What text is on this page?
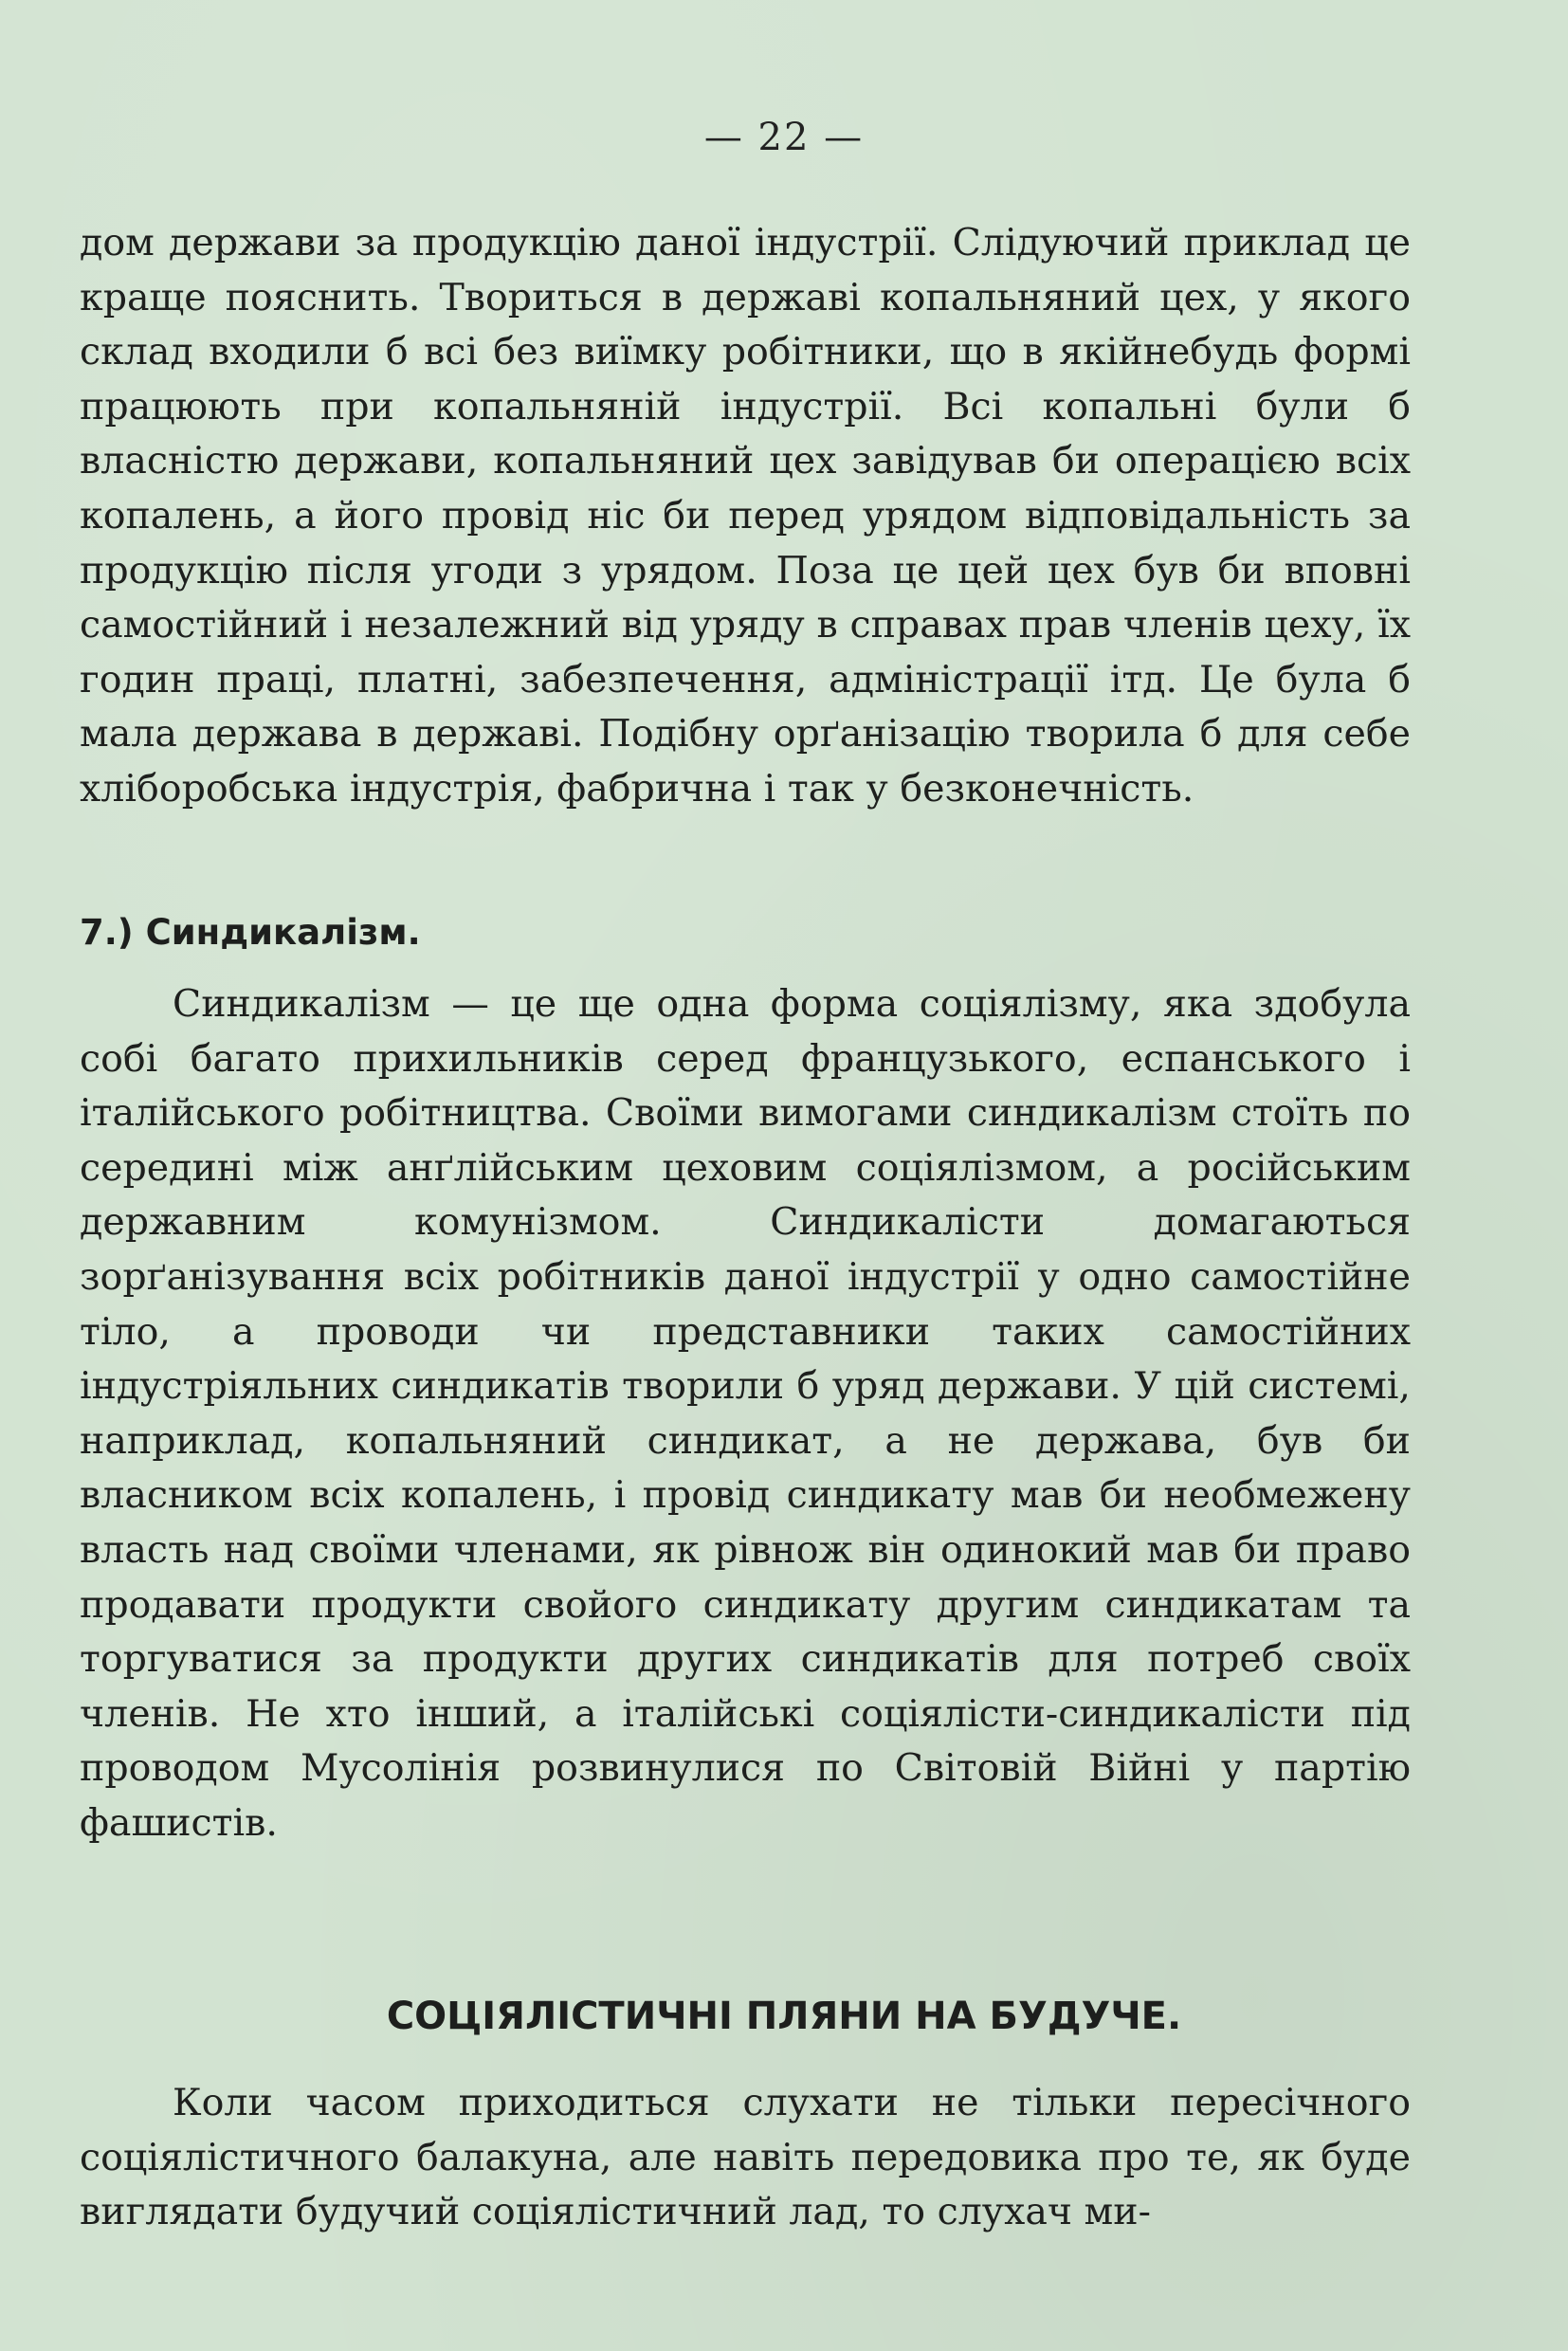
— 22 —

дом держави за продукцію даної індустрії. Слідуючий приклад це краще пояснить. Твориться в державі копальняний цех, у якого склад входили б всі без виїмку робітники, що в якійнебудь формі працюють при копальняній індустрії. Всі копальні були б власністю держави, копальняний цех завідував би операцією всіх копалень, а його провід ніс би перед урядом відповідальність за продукцію після угоди з урядом. Поза це цей цех був би вповні самостійний і незалежний від уряду в справах прав членів цеху, їх годин праці, платні, забезпечення, адміністрації ітд. Це була б мала держава в державі. Подібну орґанізацію творила б для себе хліборобська індустрія, фабрична і так у безконечність.

7.) Синдикалізм.

Синдикалізм — це ще одна форма соціялізму, яка здобула собі багато прихильників серед французького, еспанського і італійського робітництва. Своїми вимогами синдикалізм стоїть по середині між анґлійським цеховим соціялізмом, а російським державним комунізмом. Синдикалісти домагаються зорґанізування всіх робітників даної індустрії у одно самостійне тіло, а проводи чи представники таких самостійних індустріяльних синдикатів творили б уряд держави. У цій системі, наприклад, копальняний синдикат, а не держава, був би власником всіх копалень, і провід синдикату мав би необмежену власть над своїми членами, як рівнож він одинокий мав би право продавати продукти свойого синдикату другим синдикатам та торгуватися за продукти других синдикатів для потреб своїх членів. Не хто інший, а італійські соціялісти-синдикалісти під проводом Мусолінія розвинулися по Світовій Війні у партію фашистів.

СОЦІЯЛІСТИЧНІ ПЛЯНИ НА БУДУЧЕ.

Коли часом приходиться слухати не тільки пересічного соціялістичного балакуна, але навіть передовика про те, як буде виглядати будучий соціялістичний лад, то слухач ми-
